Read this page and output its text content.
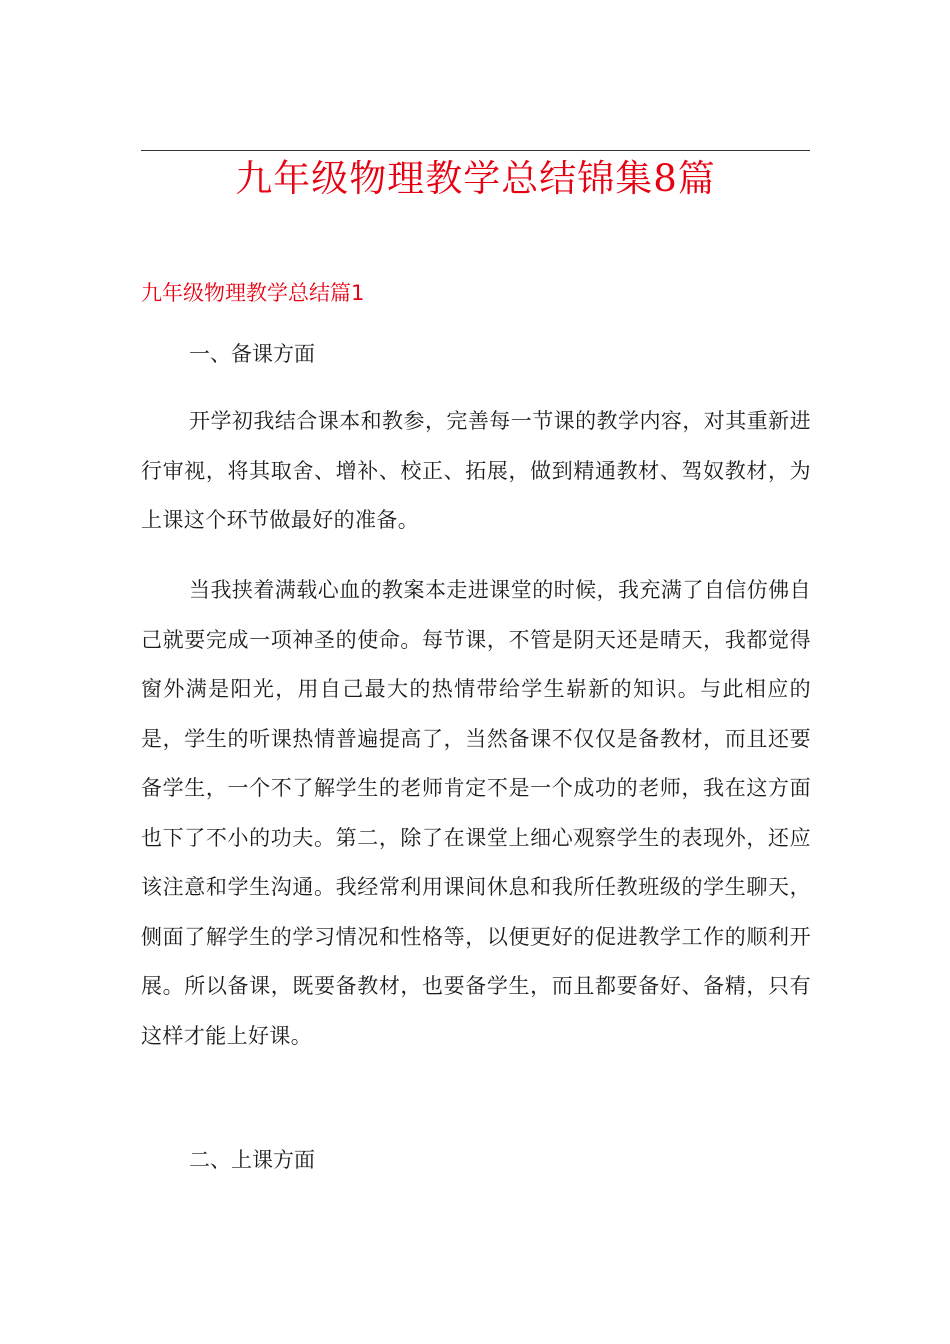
九年级物理教学总结锦集8篇
九年级物理教学总结篇1

一、备课方面

开学初我结合课本和教参，完善每一节课的教学内容，对其重新进行审视，将其取舍、增补、校正、拓展，做到精通教材、驾奴教材，为上课这个环节做最好的准备。

当我挟着满载心血的教案本走进课堂的时候，我充满了自信仿佛自己就要完成一项神圣的使命。每节课，不管是阴天还是晴天，我都觉得窗外满是阳光，用自己最大的热情带给学生崭新的知识。与此相应的是，学生的听课热情普遍提高了，当然备课不仅仅是备教材，而且还要备学生，一个不了解学生的老师肯定不是一个成功的老师，我在这方面也下了不小的功夫。第二，除了在课堂上细心观察学生的表现外，还应该注意和学生沟通。我经常利用课间休息和我所任教班级的学生聊天，侧面了解学生的学习情况和性格等，以便更好的促进教学工作的顺利开展。所以备课，既要备教材，也要备学生，而且都要备好、备精，只有这样才能上好课。

二、上课方面
